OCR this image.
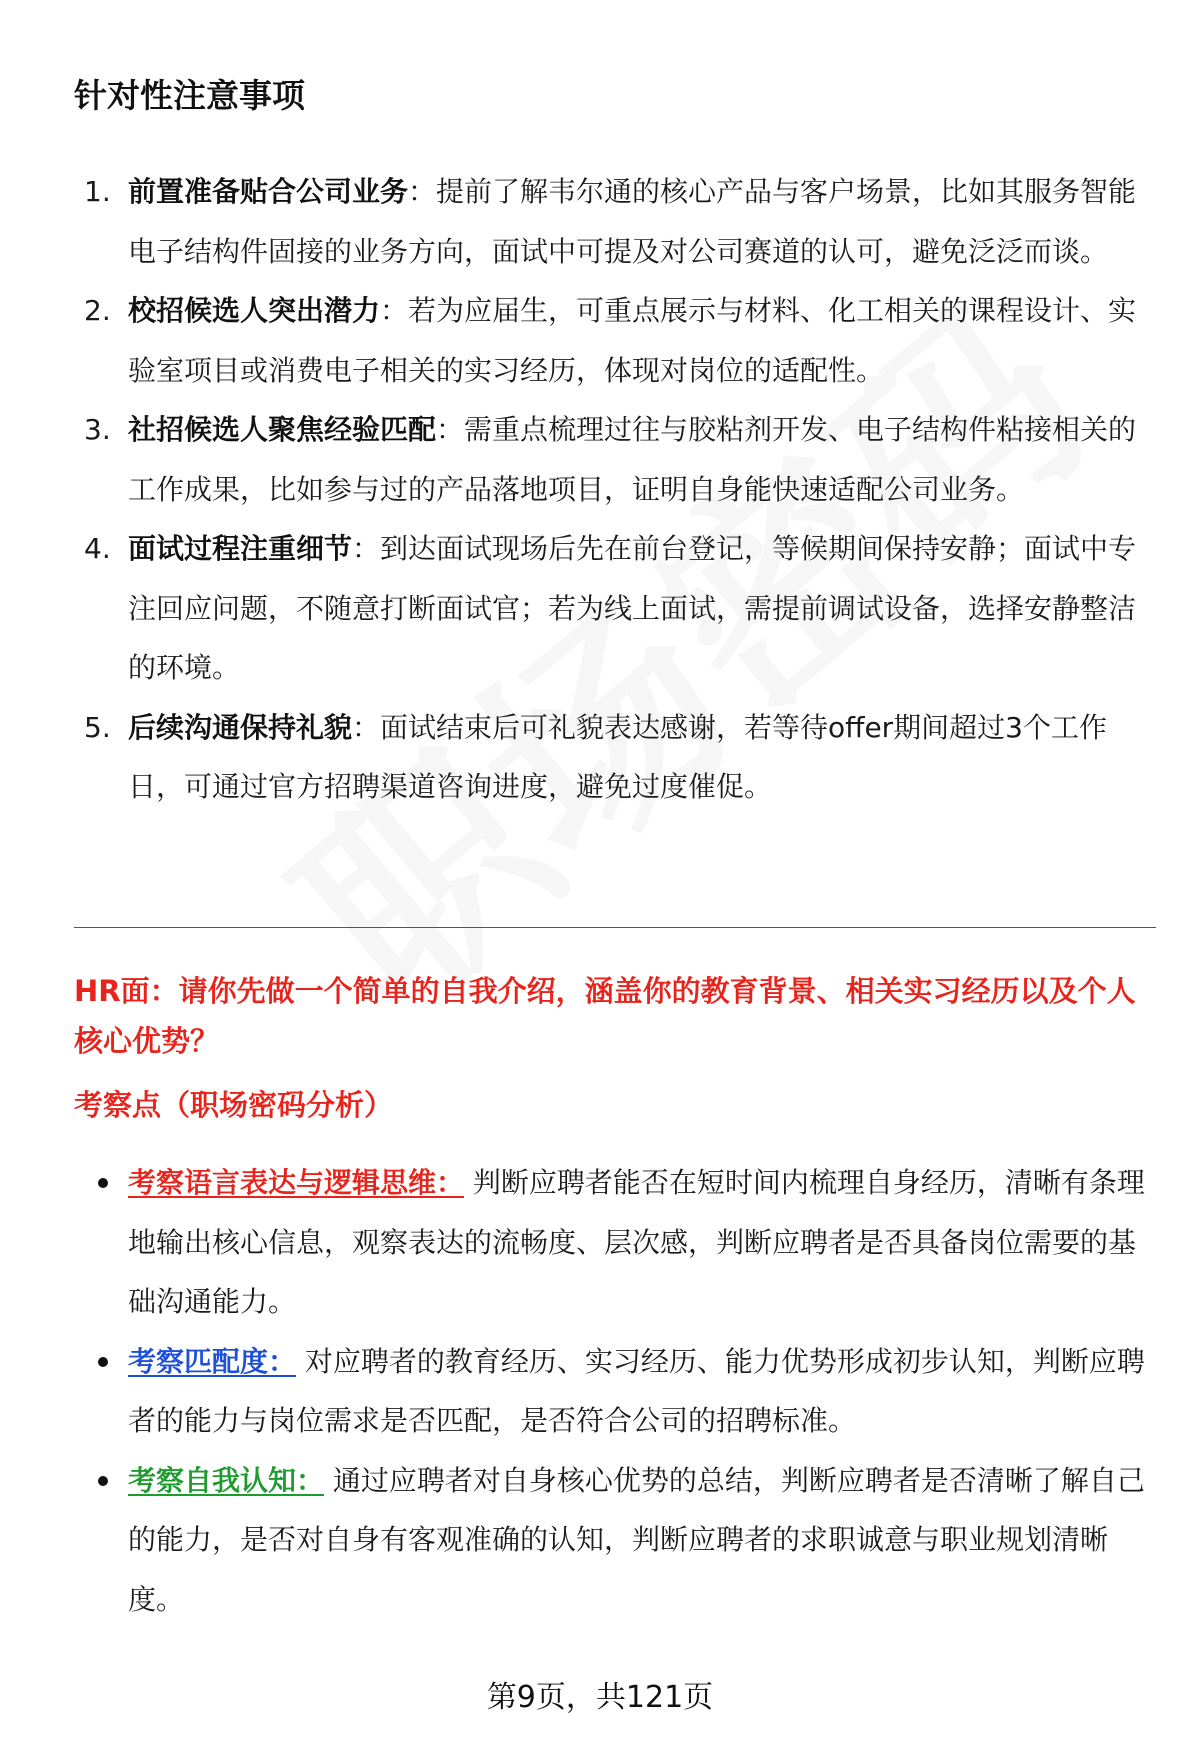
针对性注意事项
1. 前置准备贴合公司业务：提前了解韦尔通的核心产品与客户场景，比如其服务智能电子结构件固接的业务方向，面试中可提及对公司赛道的认可，避免泛泛而谈。
2. 校招候选人突出潜力：若为应届生，可重点展示与材料、化工相关的课程设计、实验室项目或消费电子相关的实习经历，体现对岗位的适配性。
3. 社招候选人聚焦经验匹配：需重点梳理过往与胶粘剂开发、电子结构件粘接相关的工作成果，比如参与过的产品落地项目，证明自身能快速适配公司业务。
4. 面试过程注重细节：到达面试现场后先在前台登记，等候期间保持安静；面试中专注回应问题，不随意打断面试官；若为线上面试，需提前调试设备，选择安静整洁的环境。
5. 后续沟通保持礼貌：面试结束后可礼貌表达感谢，若等待offer期间超过3个工作日，可通过官方招聘渠道咨询进度，避免过度催促。
HR面：请你先做一个简单的自我介绍，涵盖你的教育背景、相关实习经历以及个人核心优势？
考察点（职场密码分析）
考察语言表达与逻辑思维： 判断应聘者能否在短时间内梳理自身经历，清晰有条理地输出核心信息，观察表达的流畅度、层次感，判断应聘者是否具备岗位需要的基础沟通能力。
考察匹配度： 对应聘者的教育经历、实习经历、能力优势形成初步认知，判断应聘者的能力与岗位需求是否匹配，是否符合公司的招聘标准。
考察自我认知： 通过应聘者对自身核心优势的总结，判断应聘者是否清晰了解自己的能力，是否对自身有客观准确的认知，判断应聘者的求职诚意与职业规划清晰度。
第9页，共121页
